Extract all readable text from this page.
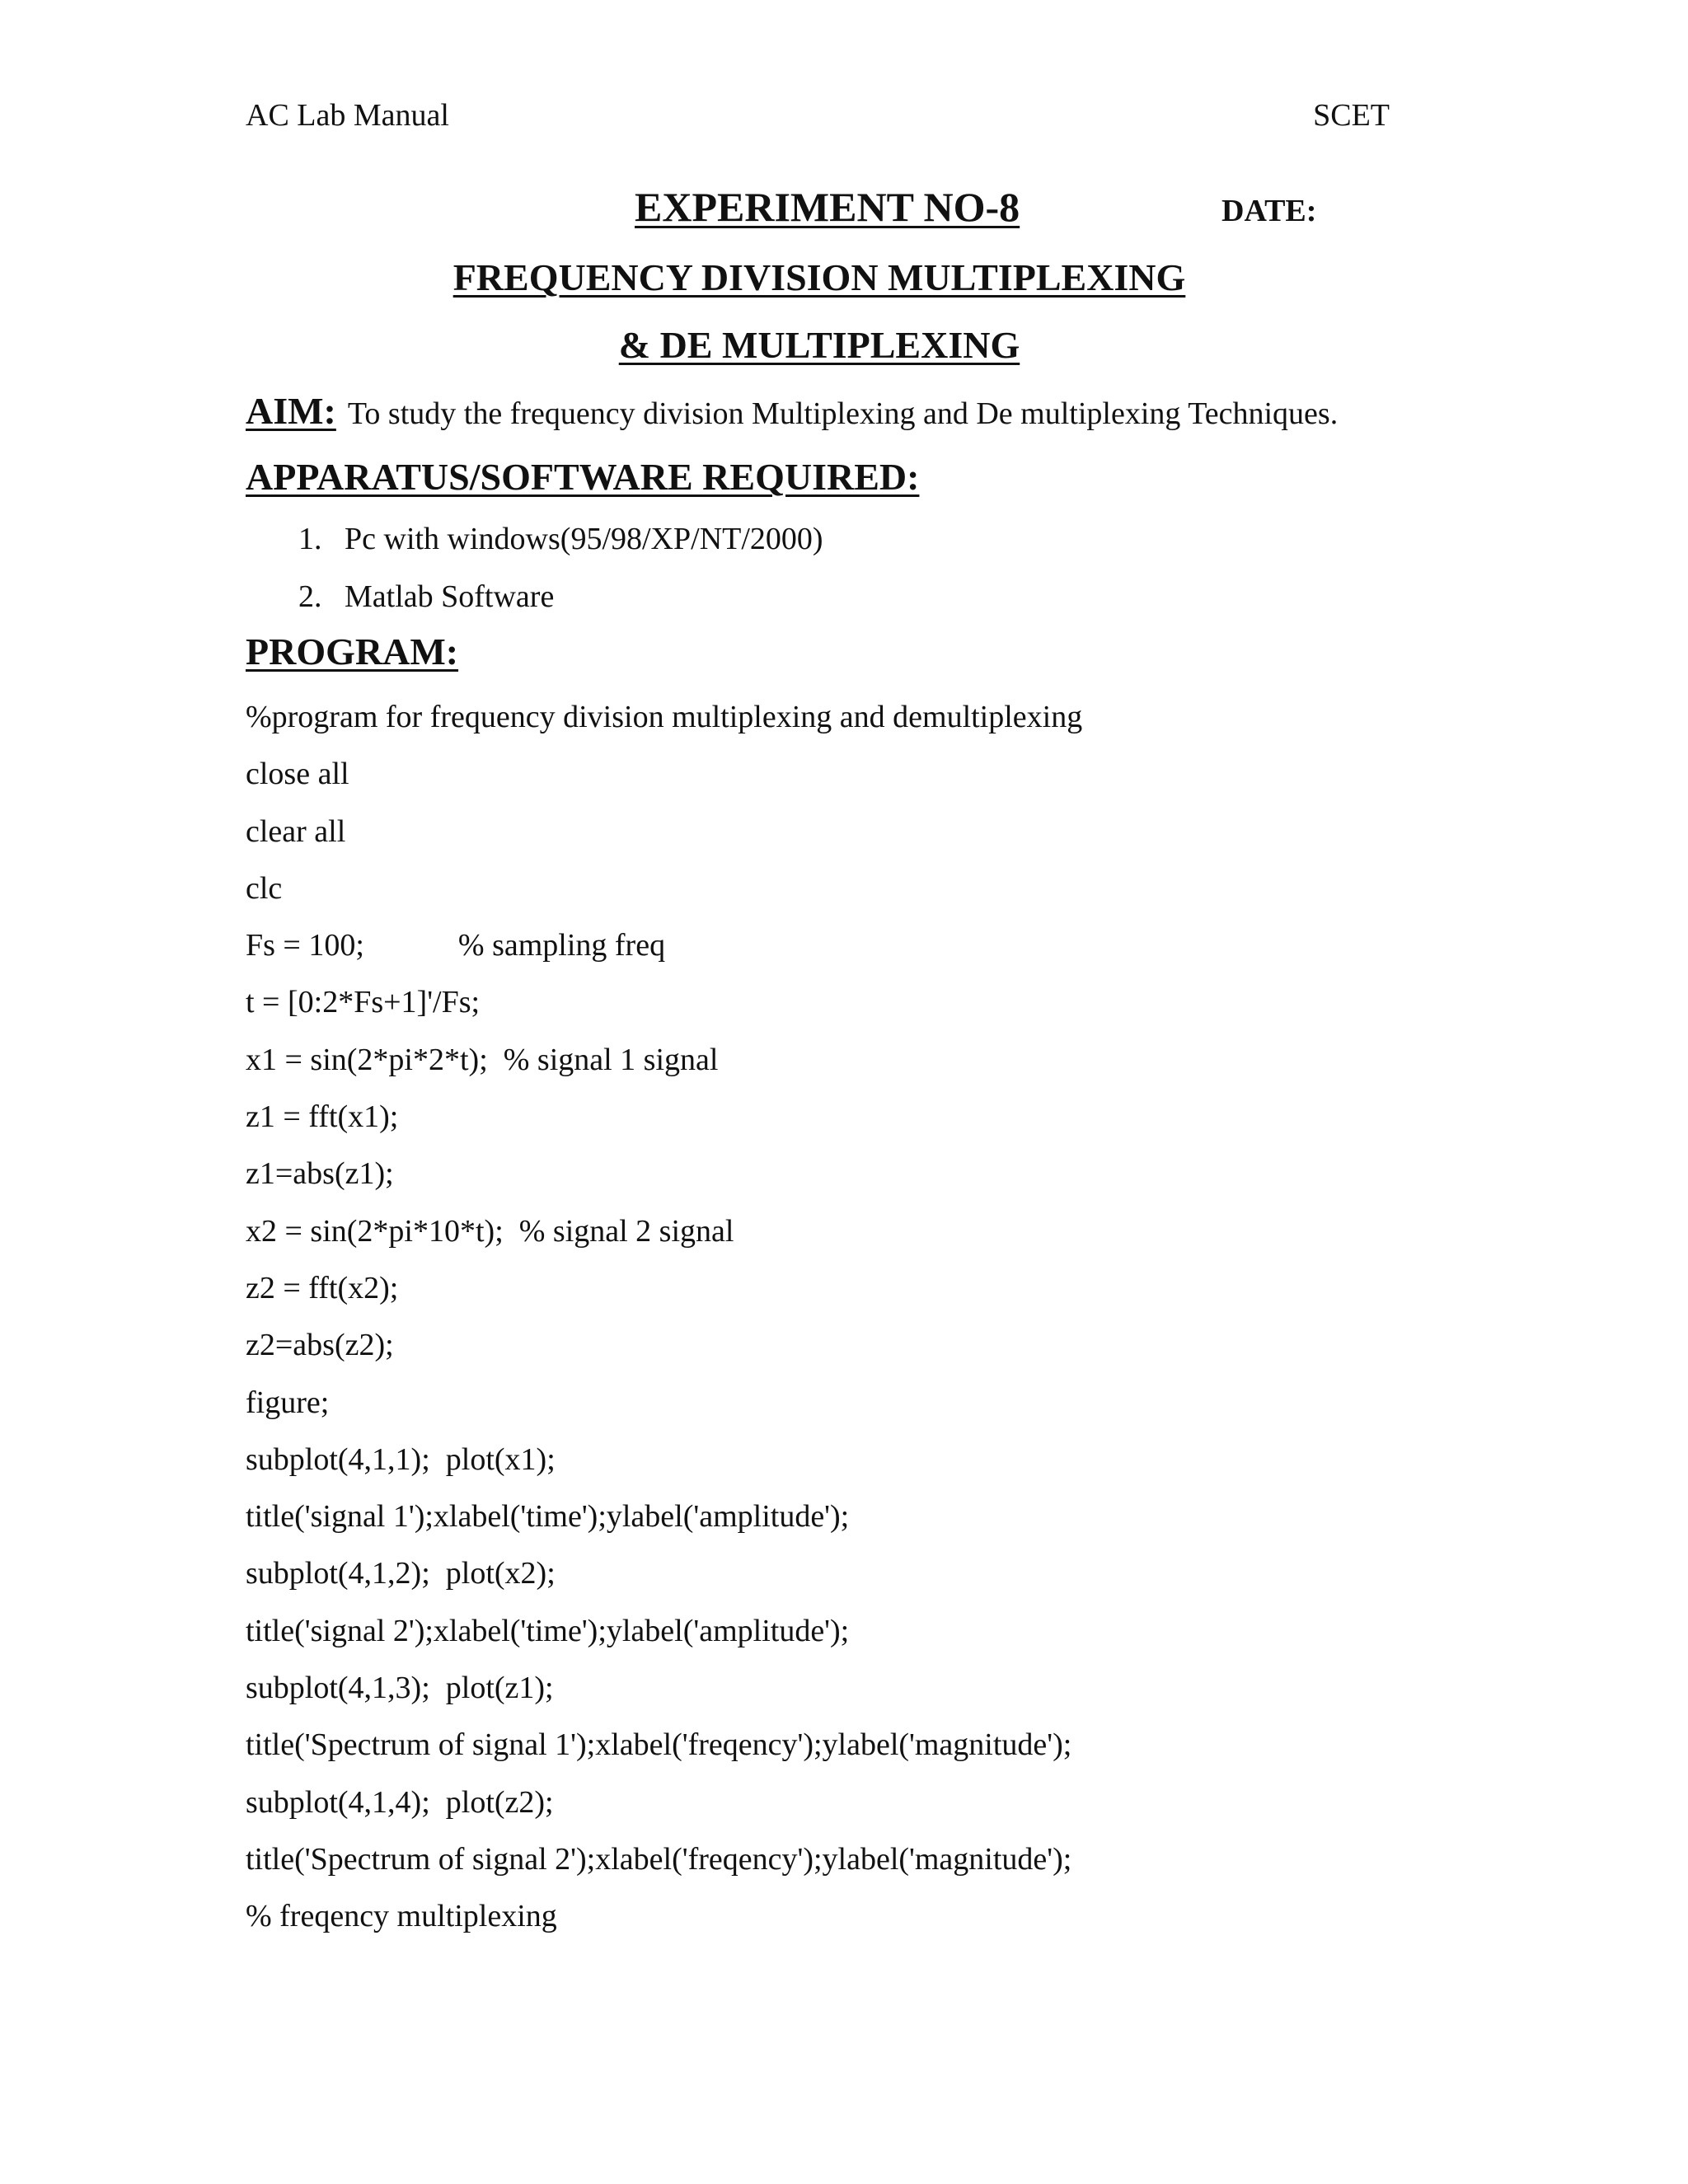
AC Lab Manual	SCET
EXPERIMENT NO-8	DATE:
FREQUENCY DIVISION MULTIPLEXING
& DE MULTIPLEXING
AIM: To study the frequency division Multiplexing and De multiplexing Techniques.
APPARATUS/SOFTWARE REQUIRED:
1. Pc with windows(95/98/XP/NT/2000)
2. Matlab Software
PROGRAM:
%program for frequency division multiplexing and demultiplexing
close all
clear all
clc
Fs = 100;            % sampling freq
t = [0:2*Fs+1]'/Fs;
x1 = sin(2*pi*2*t);  % signal 1 signal
z1 = fft(x1);
z1=abs(z1);
x2 = sin(2*pi*10*t);  % signal 2 signal
z2 = fft(x2);
z2=abs(z2);
figure;
subplot(4,1,1);  plot(x1);
title('signal 1');xlabel('time');ylabel('amplitude');
subplot(4,1,2);  plot(x2);
title('signal 2');xlabel('time');ylabel('amplitude');
subplot(4,1,3);  plot(z1);
title('Spectrum of signal 1');xlabel('freqency');ylabel('magnitude');
subplot(4,1,4);  plot(z2);
title('Spectrum of signal 2');xlabel('freqency');ylabel('magnitude');
% freqency multiplexing
